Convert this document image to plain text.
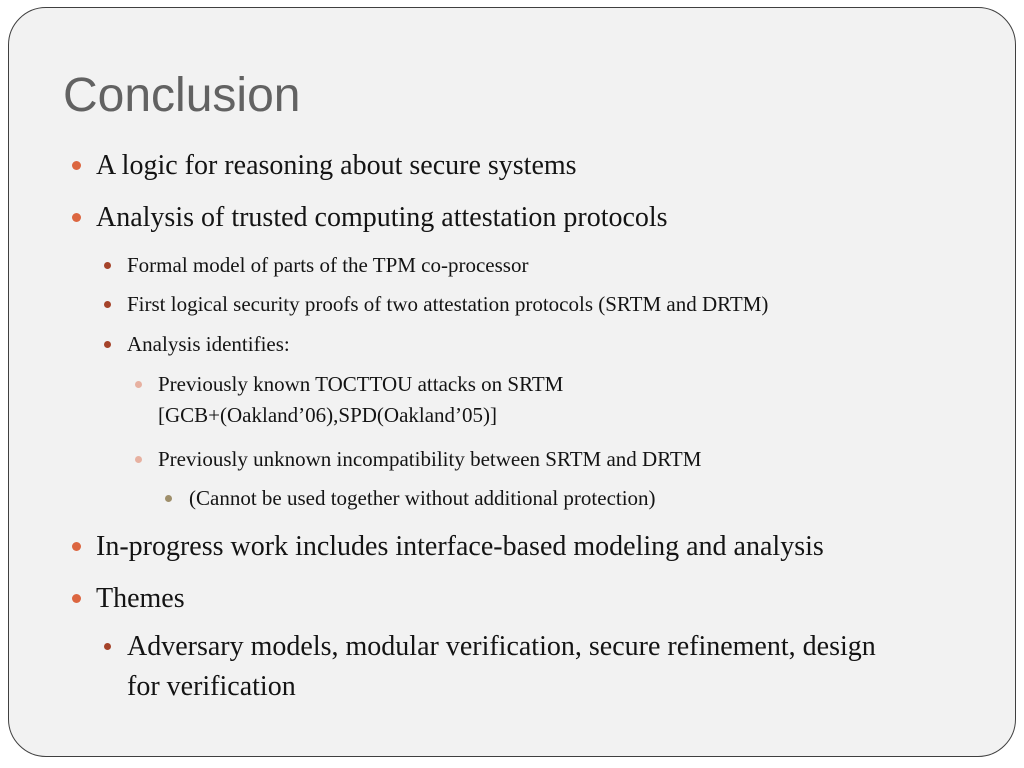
Conclusion
A logic for reasoning about secure systems
Analysis of trusted computing attestation protocols
Formal model of parts of the TPM co-processor
First logical security proofs of two attestation protocols (SRTM and DRTM)
Analysis identifies:
Previously known TOCTTOU attacks on SRTM
[GCB+(Oakland’06),SPD(Oakland’05)]
Previously unknown incompatibility between SRTM and DRTM
(Cannot be used together without additional protection)
In-progress work includes interface-based modeling and analysis
Themes
Adversary models, modular verification, secure refinement, design
for verification
